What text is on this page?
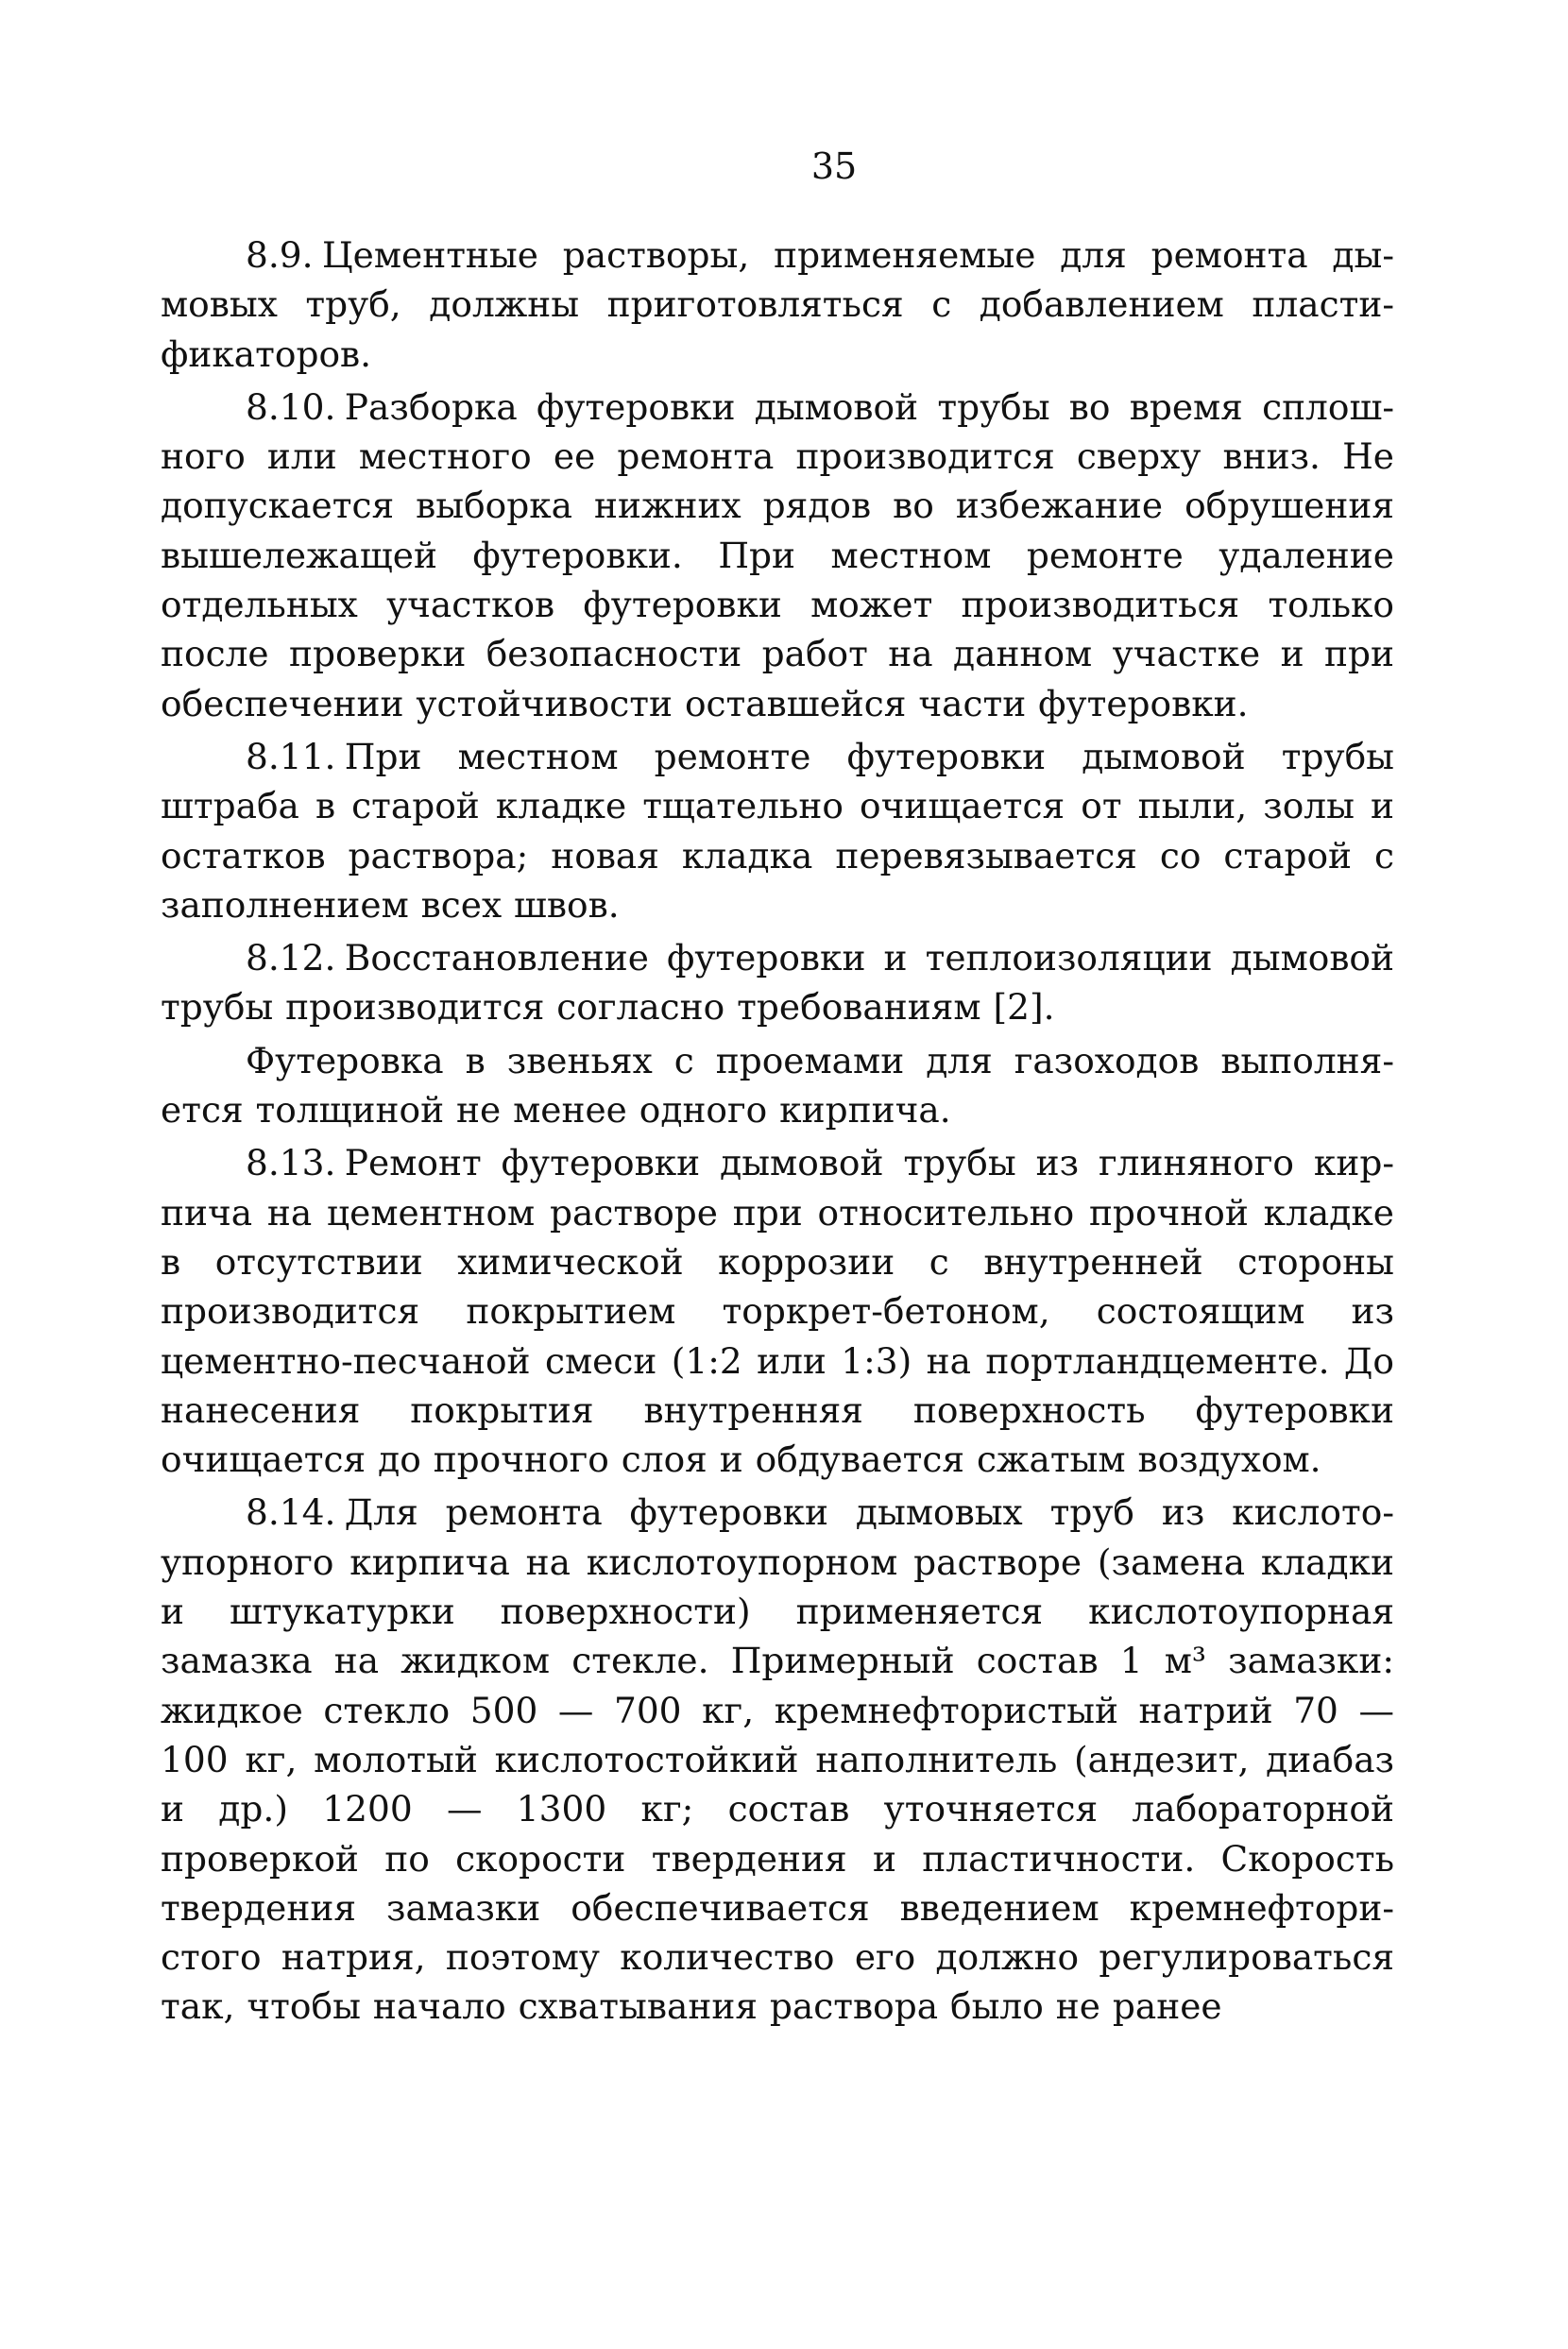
35

8.9. Цементные растворы, применяемые для ремонта дымовых труб, должны приготовляться с добавлением пластификаторов.

8.10. Разборка футеровки дымовой трубы во время сплошного или местного ее ремонта производится сверху вниз. Не допускается выборка нижних рядов во избежание обрушения вышележащей футеровки. При местном ремонте удаление отдельных участков футеровки может производиться только после проверки безопасности работ на данном участке и при обеспечении устойчивости оставшейся части футеровки.

8.11. При местном ремонте футеровки дымовой трубы штраба в старой кладке тщательно очищается от пыли, золы и остатков раствора; новая кладка перевязывается со старой с заполнением всех швов.

8.12. Восстановление футеровки и теплоизоляции дымовой трубы производится согласно требованиям [2].

Футеровка в звеньях с проемами для газоходов выполняется толщиной не менее одного кирпича.

8.13. Ремонт футеровки дымовой трубы из глиняного кирпича на цементном растворе при относительно прочной кладке в отсутствии химической коррозии с внутренней стороны производится покрытием торкрет-бетоном, состоящим из цементно-песчаной смеси (1:2 или 1:3) на портландцементе. До нанесения покрытия внутренняя поверхность футеровки очищается до прочного слоя и обдувается сжатым воздухом.

8.14. Для ремонта футеровки дымовых труб из кислотоупорного кирпича на кислотоупорном растворе (замена кладки и штукатурки поверхности) применяется кислотоупорная замазка на жидком стекле. Примерный состав 1 м³ замазки: жидкое стекло 500 — 700 кг, кремнефтористый натрий 70 — 100 кг, молотый кислотостойкий наполнитель (андезит, диабаз и др.) 1200 — 1300 кг; состав уточняется лабораторной проверкой по скорости твердения и пластичности. Скорость твердения замазки обеспечивается введением кремнефтористого натрия, поэтому количество его должно регулироваться так, чтобы начало схватывания раствора было не ранее
